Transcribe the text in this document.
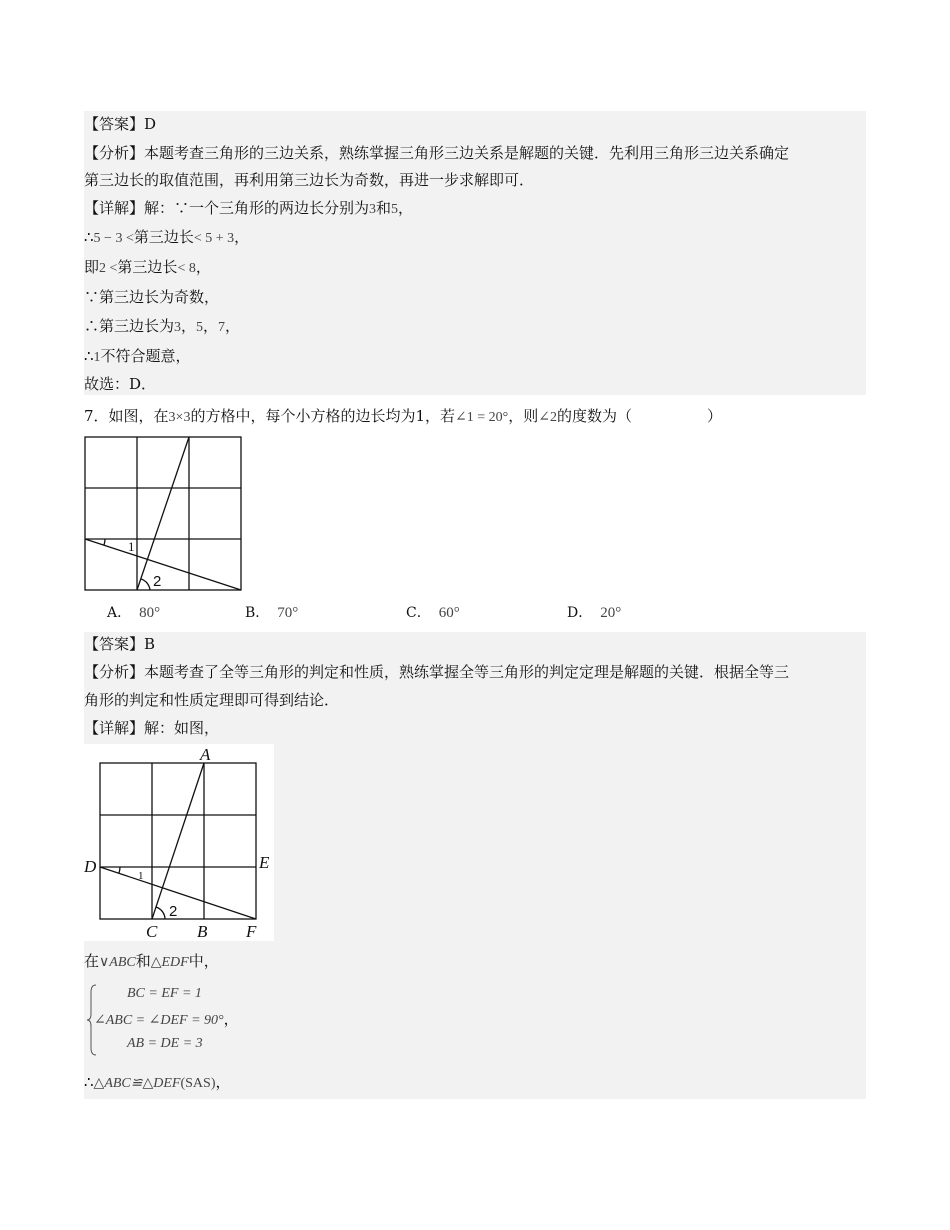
【答案】D
【分析】本题考查三角形的三边关系，熟练掌握三角形三边关系是解题的关键．先利用三角形三边关系确定
第三边长的取值范围，再利用第三边长为奇数，再进一步求解即可．
【详解】解：∵一个三角形的两边长分别为3和5，
∴5 − 3 <第三边长< 5 + 3，
即2 <第三边长< 8，
∵第三边长为奇数，
∴第三边长为3，5，7，
∴1不符合题意，
故选：D．
7．如图，在3×3的方格中，每个小方格的边长均为1，若∠1 = 20°，则∠2的度数为（　　　　　）
1
2
A． 80°	B． 70°	C． 60°	D． 20°
【答案】B
【分析】本题考查了全等三角形的判定和性质，熟练掌握全等三角形的判定定理是解题的关键．根据全等三
角形的判定和性质定理即可得到结论．
【详解】解：如图，
A
D	E
C B F
1
2
在∨ABC和△EDF中，
BC = EF = 1
∠ABC = ∠DEF = 90°，
AB = DE = 3
∴△ABC≌△DEF(SAS)，
